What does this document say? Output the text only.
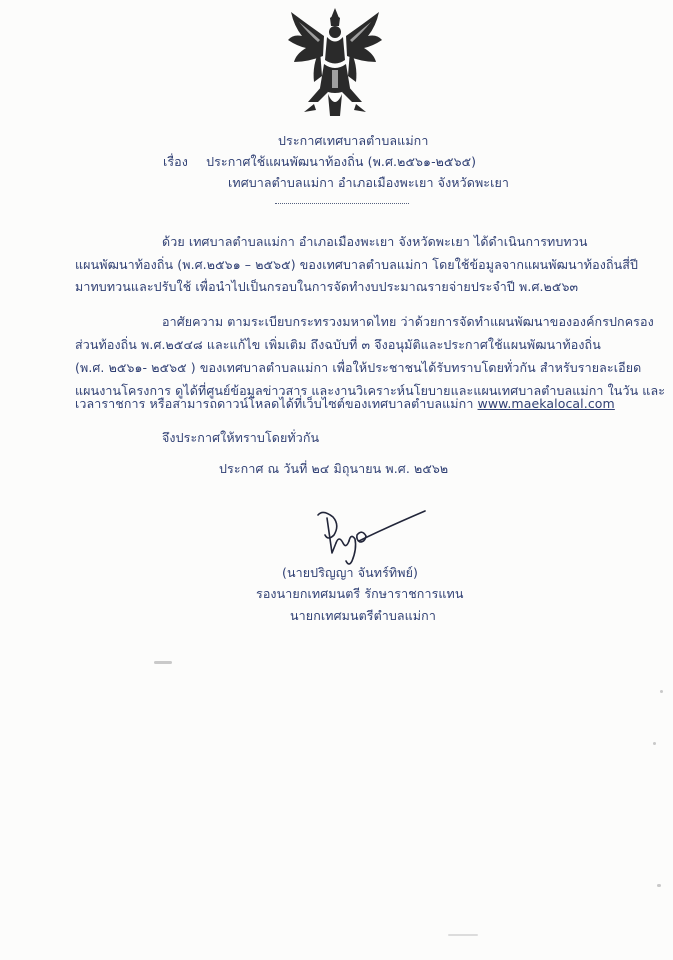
ประกาศเทศบาลตำบลแม่กา
เรื่อง ประกาศใช้แผนพัฒนาท้องถิ่น (พ.ศ.๒๕๖๑-๒๕๖๕)
เทศบาลตำบลแม่กา อำเภอเมืองพะเยา จังหวัดพะเยา
ด้วย เทศบาลตำบลแม่กา อำเภอเมืองพะเยา จังหวัดพะเยา ได้ดำเนินการทบทวน
แผนพัฒนาท้องถิ่น (พ.ศ.๒๕๖๑ – ๒๕๖๕) ของเทศบาลตำบลแม่กา โดยใช้ข้อมูลจากแผนพัฒนาท้องถิ่นสี่ปี
มาทบทวนและปรับใช้ เพื่อนำไปเป็นกรอบในการจัดทำงบประมาณรายจ่ายประจำปี พ.ศ.๒๕๖๓
อาศัยความ ตามระเบียบกระทรวงมหาดไทย ว่าด้วยการจัดทำแผนพัฒนาขององค์กรปกครอง
ส่วนท้องถิ่น พ.ศ.๒๕๔๘ และแก้ไข เพิ่มเติม ถึงฉบับที่ ๓ จึงอนุมัติและประกาศใช้แผนพัฒนาท้องถิ่น
(พ.ศ. ๒๕๖๑- ๒๕๖๕ ) ของเทศบาลตำบลแม่กา เพื่อให้ประชาชนได้รับทราบโดยทั่วกัน สำหรับรายละเอียด
แผนงานโครงการ ดูได้ที่ศูนย์ข้อมูลข่าวสาร และงานวิเคราะห์นโยบายและแผนเทศบาลตำบลแม่กา ในวัน และ
เวลาราชการ หรือสามารถดาวน์โหลดได้ที่เว็บไซต์ของเทศบาลตำบลแม่กา www.maekalocal.com
จึงประกาศให้ทราบโดยทั่วกัน
ประกาศ ณ วันที่ ๒๔ มิถุนายน พ.ศ. ๒๕๖๒
(นายปริญญา จันทร์ทิพย์)
รองนายกเทศมนตรี รักษาราชการแทน
นายกเทศมนตรีตำบลแม่กา
